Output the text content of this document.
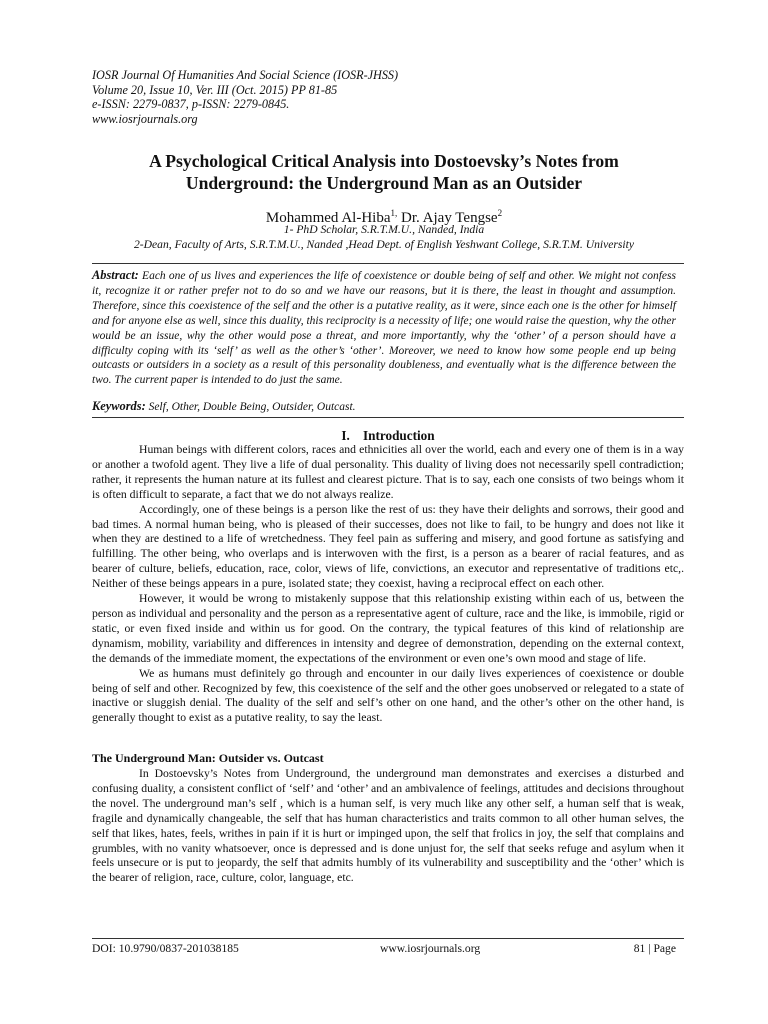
IOSR Journal Of Humanities And Social Science (IOSR-JHSS)
Volume 20, Issue 10, Ver. III (Oct. 2015) PP 81-85
e-ISSN: 2279-0837, p-ISSN: 2279-0845.
www.iosrjournals.org
A Psychological Critical Analysis into Dostoevsky’s Notes from
Underground: the Underground Man as an Outsider
Mohammed Al-Hiba$^{1,}$ Dr. Ajay Tengse$^2$
1- PhD Scholar, S.R.T.M.U., Nanded, India
2-Dean, Faculty of Arts, S.R.T.M.U., Nanded ,Head Dept. of English Yeshwant College, S.R.T.M. University
Abstract: Each one of us lives and experiences the life of coexistence or double being of self and other. We might not confess it, recognize it or rather prefer not to do so and we have our reasons, but it is there, the least in thought and assumption. Therefore, since this coexistence of the self and the other is a putative reality, as it were, since each one is the other for himself and for anyone else as well, since this duality, this reciprocity is a necessity of life; one would raise the question, why the other would be an issue, why the other would pose a threat, and more importantly, why the ‘other’ of a person should have a difficulty coping with its ‘self’ as well as the other’s ‘other’. Moreover, we need to know how some people end up being outcasts or outsiders in a society as a result of this personality doubleness, and eventually what is the difference between the two. The current paper is intended to do just the same.
Keywords: Self, Other, Double Being, Outsider, Outcast.
I.    Introduction

Human beings with different colors, races and ethnicities all over the world, each and every one of them is in a way or another a twofold agent. They live a life of dual personality. This duality of living does not necessarily spell contradiction; rather, it represents the human nature at its fullest and clearest picture. That is to say, each one consists of two beings whom it is often difficult to separate, a fact that we do not always realize.

Accordingly, one of these beings is a person like the rest of us: they have their delights and sorrows, their good and bad times. A normal human being, who is pleased of their successes, does not like to fail, to be hungry and does not like it when they are destined to a life of wretchedness. They feel pain as suffering and misery, and good fortune as satisfying and fulfilling. The other being, who overlaps and is interwoven with the first, is a person as a bearer of racial features, and as bearer of culture, beliefs, education, race, color, views of life, convictions, an executor and representative of traditions etc,. Neither of these beings appears in a pure, isolated state; they coexist, having a reciprocal effect on each other.

However, it would be wrong to mistakenly suppose that this relationship existing within each of us, between the person as individual and personality and the person as a representative agent of culture, race and the like, is immobile, rigid or static, or even fixed inside and within us for good. On the contrary, the typical features of this kind of relationship are dynamism, mobility, variability and differences in intensity and degree of demonstration, depending on the external context, the demands of the immediate moment, the expectations of the environment or even one’s own mood and stage of life.

We as humans must definitely go through and encounter in our daily lives experiences of coexistence or double being of self and other. Recognized by few, this coexistence of the self and the other goes unobserved or relegated to a state of inactive or sluggish denial. The duality of the self and self’s other on one hand, and the other’s other on the other hand, is generally thought to exist as a putative reality, to say the least.

The Underground Man: Outsider vs. Outcast

In Dostoevsky’s Notes from Underground, the underground man demonstrates and exercises a disturbed and confusing duality, a consistent conflict of ‘self’ and ‘other’ and an ambivalence of feelings, attitudes and decisions throughout the novel. The underground man’s self , which is a human self, is very much like any other self, a human self that is weak, fragile and dynamically changeable, the self that has human characteristics and traits common to all other human selves, the self that likes, hates, feels, writhes in pain if it is hurt or impinged upon, the self that frolics in joy, the self that complains and grumbles, with no vanity whatsoever, once is depressed and is done unjust for, the self that seeks refuge and asylum when it feels unsecure or is put to jeopardy, the self that admits humbly of its vulnerability and susceptibility and the ‘other’ which is the bearer of religion, race, culture, color, language, etc.

DOI: 10.9790/0837-201038185	www.iosrjournals.org	81 | Page
